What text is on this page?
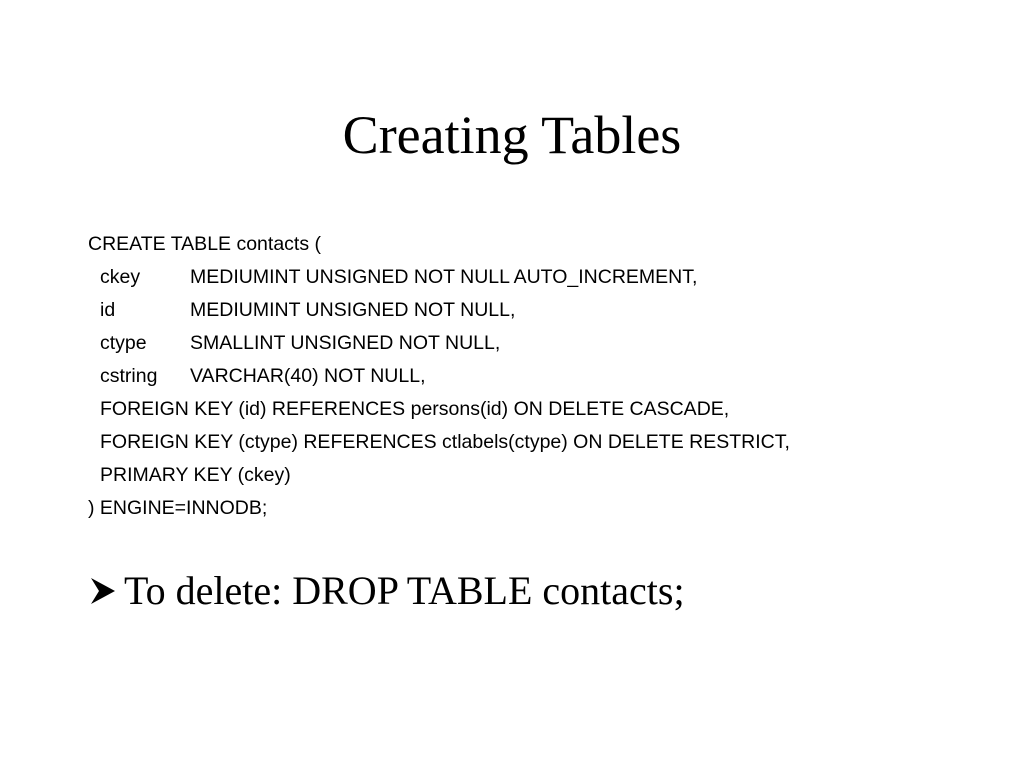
Creating Tables
CREATE TABLE contacts (
ckey	MEDIUMINT UNSIGNED NOT NULL AUTO_INCREMENT,
id	MEDIUMINT UNSIGNED NOT NULL,
ctype SMALLINT UNSIGNED NOT NULL,
cstring VARCHAR(40) NOT NULL,
FOREIGN KEY (id) REFERENCES persons(id) ON DELETE CASCADE,
FOREIGN KEY (ctype) REFERENCES ctlabels(ctype) ON DELETE RESTRICT,
PRIMARY KEY (ckey)
) ENGINE=INNODB;
To delete: DROP TABLE contacts;
